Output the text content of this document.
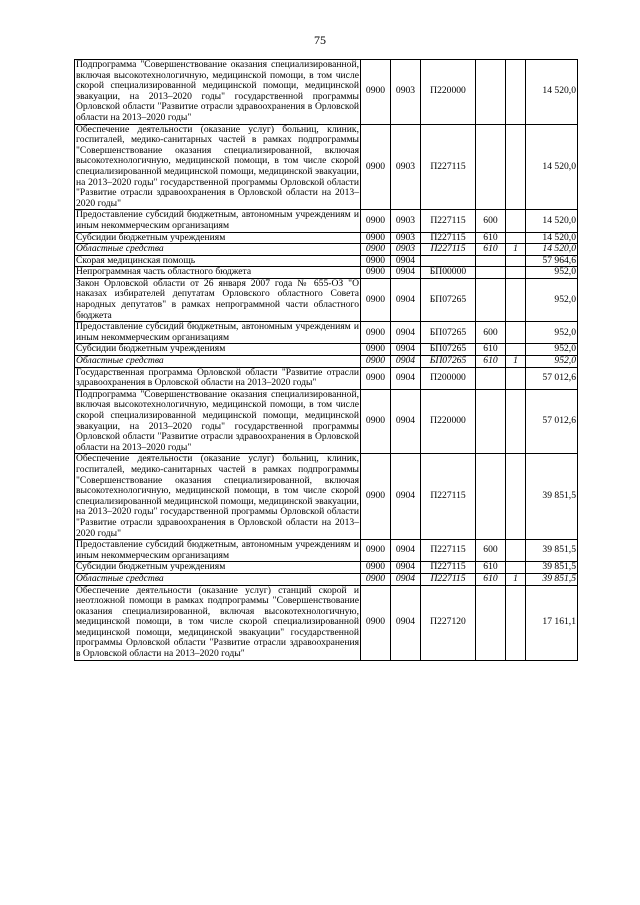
75
Подпрограмма "Совершенствование оказания специализированной, включая высокотехнологичную, медицинской помощи, в том числе скорой специализированной медицинской помощи, медицинской эвакуации, на 2013–2020 годы" государственной программы Орловской области "Развитие отрасли здравоохранения в Орловской области на 2013–2020 годы"	0900	0903	П220000			14 520,0
Обеспечение деятельности (оказание услуг) больниц, клиник, госпиталей, медико-санитарных частей в рамках подпрограммы "Совершенствование оказания специализированной, включая высокотехнологичную, медицинской помощи, в том числе скорой специализированной медицинской помощи, медицинской эвакуации, на 2013–2020 годы" государственной программы Орловской области "Развитие отрасли здравоохранения в Орловской области на 2013–2020 годы"	0900	0903	П227115			14 520,0
Предоставление субсидий бюджетным, автономным учреждениям и иным некоммерческим организациям	0900	0903	П227115	600		14 520,0
Субсидии бюджетным учреждениям	0900	0903	П227115	610		14 520,0
Областные средства	0900	0903	П227115	610	1	14 520,0
Скорая медицинская помощь	0900	0904				57 964,6
Непрограммная часть областного бюджета	0900	0904	БП00000			952,0
Закон Орловской области от 26 января 2007 года № 655-ОЗ "О наказах избирателей депутатам Орловского областного Совета народных депутатов" в рамках непрограммной части областного бюджета	0900	0904	БП07265			952,0
Предоставление субсидий бюджетным, автономным учреждениям и иным некоммерческим организациям	0900	0904	БП07265	600		952,0
Субсидии бюджетным учреждениям	0900	0904	БП07265	610		952,0
Областные средства	0900	0904	БП07265	610	1	952,0
Государственная программа Орловской области "Развитие отрасли здравоохранения в Орловской области на 2013–2020 годы"	0900	0904	П200000			57 012,6
Подпрограмма "Совершенствование оказания специализированной, включая высокотехнологичную, медицинской помощи, в том числе скорой специализированной медицинской помощи, медицинской эвакуации, на 2013–2020 годы" государственной программы Орловской области "Развитие отрасли здравоохранения в Орловской области на 2013–2020 годы"	0900	0904	П220000			57 012,6
Обеспечение деятельности (оказание услуг) больниц, клиник, госпиталей, медико-санитарных частей в рамках подпрограммы "Совершенствование оказания специализированной, включая высокотехнологичную, медицинской помощи, в том числе скорой специализированной медицинской помощи, медицинской эвакуации, на 2013–2020 годы" государственной программы Орловской области "Развитие отрасли здравоохранения в Орловской области на 2013–2020 годы"	0900	0904	П227115			39 851,5
Предоставление субсидий бюджетным, автономным учреждениям и иным некоммерческим организациям	0900	0904	П227115	600		39 851,5
Субсидии бюджетным учреждениям	0900	0904	П227115	610		39 851,5
Областные средства	0900	0904	П227115	610	1	39 851,5
Обеспечение деятельности (оказание услуг) станций скорой и неотложной помощи в рамках подпрограммы "Совершенствование оказания специализированной, включая высокотехнологичную, медицинской помощи, в том числе скорой специализированной медицинской помощи, медицинской эвакуации" государственной программы Орловской области "Развитие отрасли здравоохранения в Орловской области на 2013–2020 годы"	0900	0904	П227120			17 161,1
